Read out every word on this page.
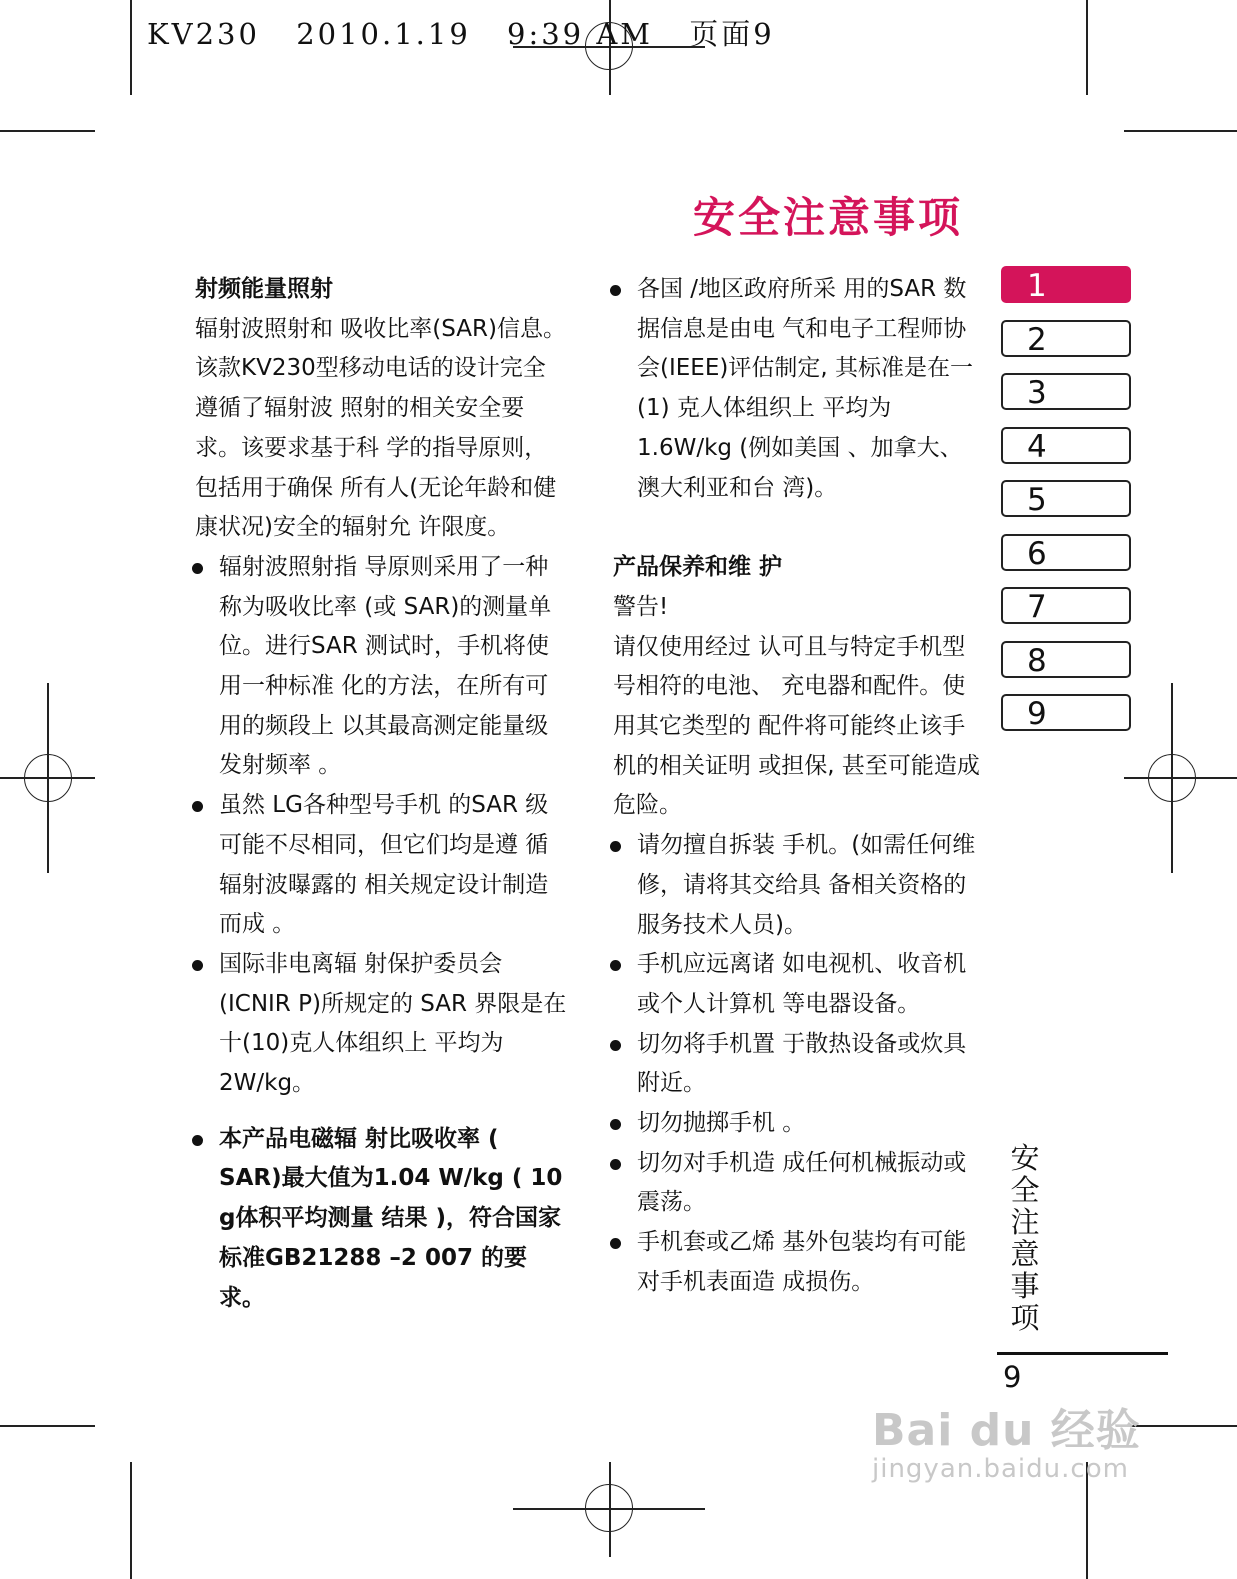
KV230 2010.1.19 9:39 AM 页面9
安全注意事项
射频能量照射

辐射波照射和 吸收比率(SAR)信息。该款KV230型移动电话的设计完全遵循了辐射波 照射的相关安全要求。该要求基于科 学的指导原则，包括用于确保 所有人(无论年龄和健康状况)安全的辐射允 许限度。

辐射波照射指 导原则采用了一种称为吸收比率 (或 SAR)的测量单位。进行SAR 测试时，手机将使用一种标准 化的方法，在所有可用的频段上 以其最高测定能量级发射频率 。
虽然 LG各种型号手机 的SAR 级可能不尽相同，但它们均是遵 循辐射波曝露的 相关规定设计制造而成 。
国际非电离辐 射保护委员会 (ICNIR P)所规定的 SAR 界限是在 十(10)克人体组织上 平均为 2W/kg。
本产品电磁辐 射比吸收率 ( SAR)最大值为1.04 W/kg ( 10 g体积平均测量 结果 )，符合国家标准GB21288 –2 007 的要求。
各国 /地区政府所采 用的SAR 数据信息是由电 气和电子工程师协会(IEEE)评估制定, 其标准是在一(1) 克人体组织上 平均为 1.6W/kg (例如美国 、加拿大、澳大利亚和台 湾)。
产品保养和维 护
警告!

请仅使用经过 认可且与特定手机型号相符的电池、 充电器和配件。使用其它类型的 配件将可能终止该手机的相关证明 或担保, 甚至可能造成危险。

请勿擅自拆装 手机。(如需任何维修，请将其交给具 备相关资格的服务技术人员)。
手机应远离诸 如电视机、收音机或个人计算机 等电器设备。
切勿将手机置 于散热设备或炊具附近。
切勿抛掷手机 。
切勿对手机造 成任何机械振动或震荡。
手机套或乙烯 基外包装均有可能对手机表面造 成损伤。
1
2
3
4
5
6
7
8
9
安全注意事项
9
Bai du 经验
jingyan.baidu.com
